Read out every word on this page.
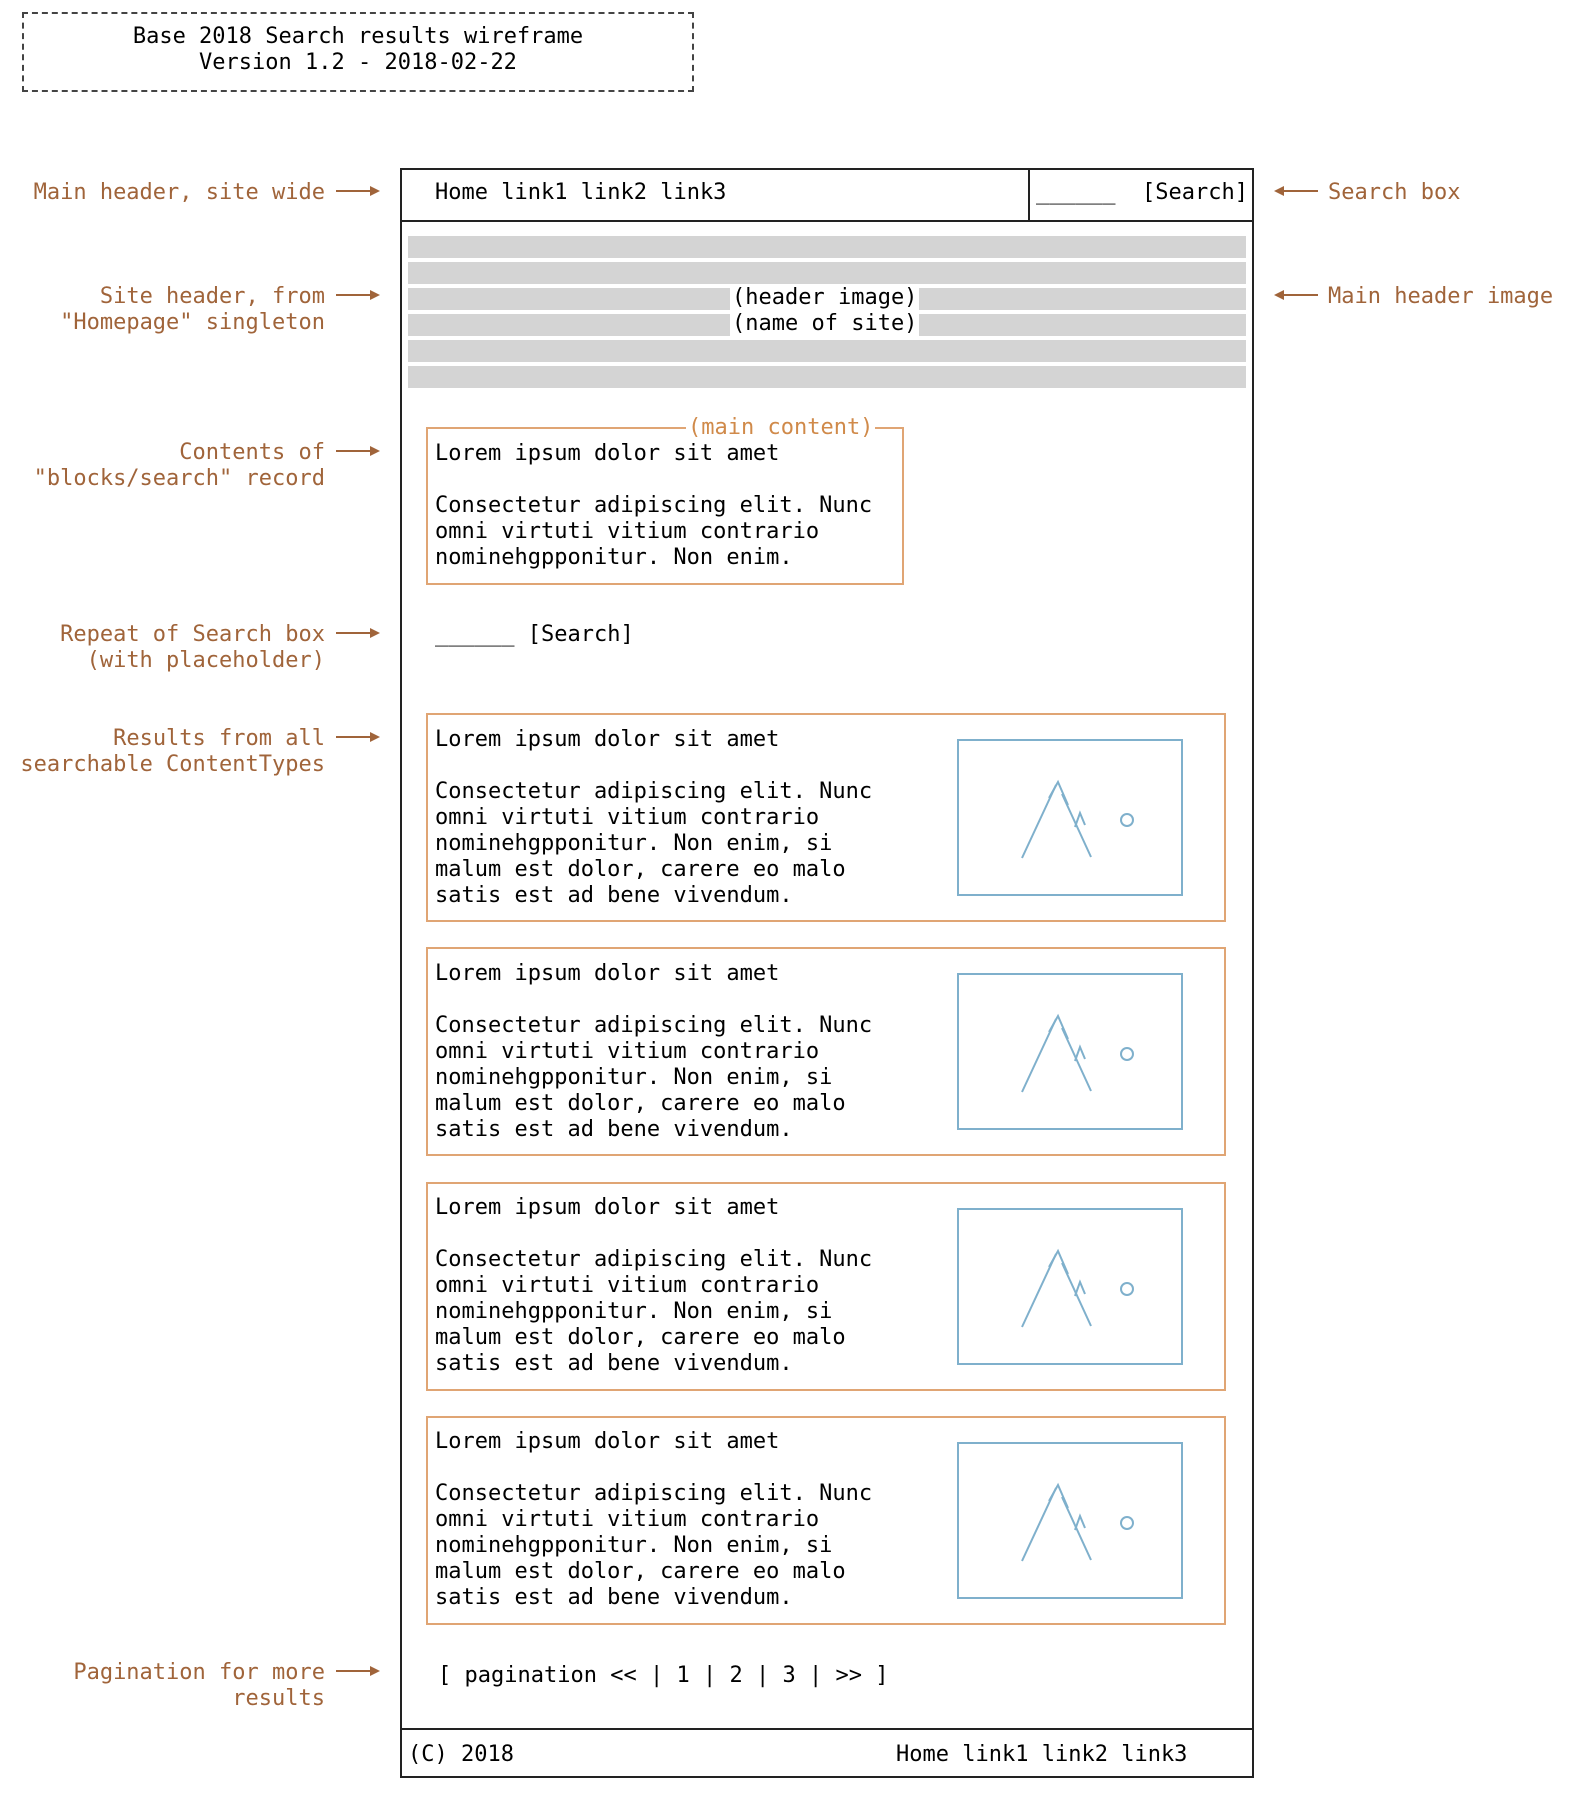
Base 2018 Search results wireframe
Version 1.2 - 2018-02-22
Main header, site wide
Site header, from
"Homepage" singleton
Contents of
"blocks/search" record
Repeat of Search box
(with placeholder)
Results from all
searchable ContentTypes
Pagination for more
results
Search box
Main header image
Home link1 link2 link3	______ [Search]
(header image)
(name of site)
(main content)
Lorem ipsum dolor sit amet
Consectetur adipiscing elit. Nunc
omni virtuti vitium contrario
nominehgpponitur. Non enim.
______ [Search]
Lorem ipsum dolor sit amet
Consectetur adipiscing elit. Nunc
omni virtuti vitium contrario
nominehgpponitur. Non enim, si
malum est dolor, carere eo malo
satis est ad bene vivendum.
Lorem ipsum dolor sit amet
Consectetur adipiscing elit. Nunc
omni virtuti vitium contrario
nominehgpponitur. Non enim, si
malum est dolor, carere eo malo
satis est ad bene vivendum.
Lorem ipsum dolor sit amet
Consectetur adipiscing elit. Nunc
omni virtuti vitium contrario
nominehgpponitur. Non enim, si
malum est dolor, carere eo malo
satis est ad bene vivendum.
Lorem ipsum dolor sit amet
Consectetur adipiscing elit. Nunc
omni virtuti vitium contrario
nominehgpponitur. Non enim, si
malum est dolor, carere eo malo
satis est ad bene vivendum.
[ pagination << | 1 | 2 | 3 | >> ]
(C) 2018	Home link1 link2 link3
